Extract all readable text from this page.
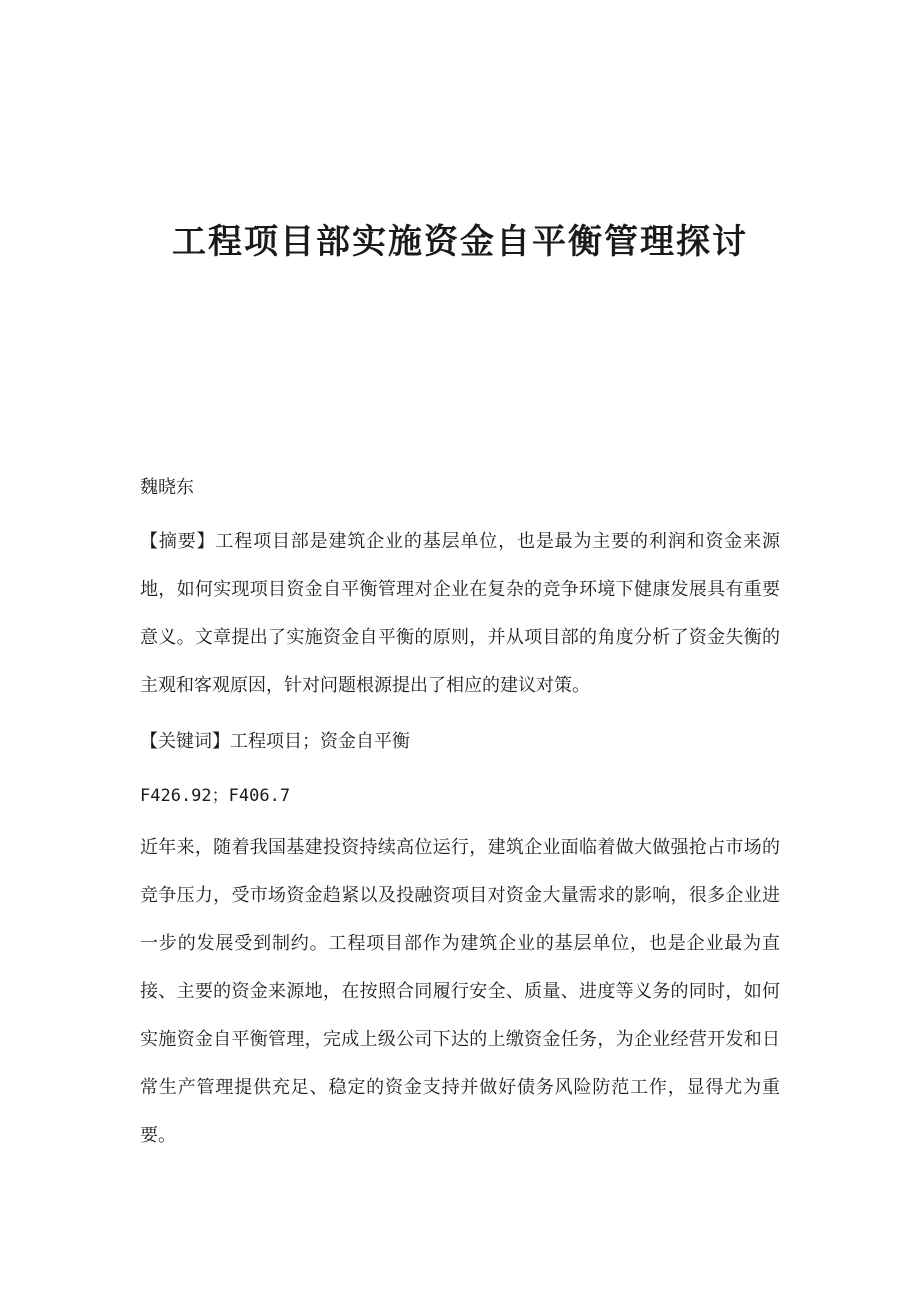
工程项目部实施资金自平衡管理探讨

魏晓东

【摘要】工程项目部是建筑企业的基层单位，也是最为主要的利润和资金来源地，如何实现项目资金自平衡管理对企业在复杂的竞争环境下健康发展具有重要意义。文章提出了实施资金自平衡的原则，并从项目部的角度分析了资金失衡的主观和客观原因，针对问题根源提出了相应的建议对策。

【关键词】工程项目；资金自平衡

F426.92；F406.7

近年来，随着我国基建投资持续高位运行，建筑企业面临着做大做强抢占市场的竞争压力，受市场资金趋紧以及投融资项目对资金大量需求的影响，很多企业进一步的发展受到制约。工程项目部作为建筑企业的基层单位，也是企业最为直接、主要的资金来源地，在按照合同履行安全、质量、进度等义务的同时，如何实施资金自平衡管理，完成上级公司下达的上缴资金任务，为企业经营开发和日常生产管理提供充足、稳定的资金支持并做好债务风险防范工作，显得尤为重要。
